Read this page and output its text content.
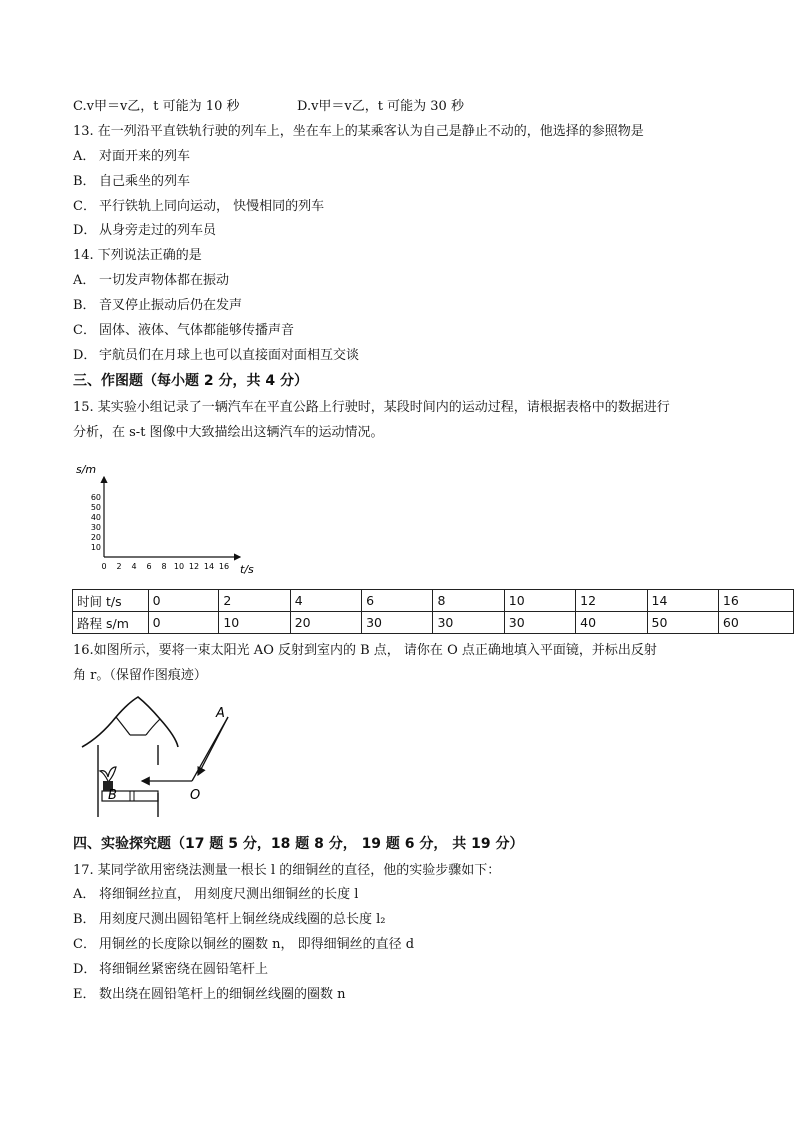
C.v甲＝v乙，t 可能为 10 秒	D.v甲＝v乙，t 可能为 30 秒
13. 在一列沿平直铁轨行驶的列车上，坐在车上的某乘客认为自己是静止不动的，他选择的参照物是
A． 对面开来的列车
B． 自己乘坐的列车
C． 平行铁轨上同向运动， 快慢相同的列车
D． 从身旁走过的列车员
14. 下列说法正确的是
A． 一切发声物体都在振动
B． 音叉停止振动后仍在发声
C． 固体、液体、气体都能够传播声音
D． 宇航员们在月球上也可以直接面对面相互交谈
三、作图题（每小题 2 分，共 4 分）
15. 某实验小组记录了一辆汽车在平直公路上行驶时，某段时间内的运动过程，请根据表格中的数据进行
分析，在 s-t 图像中大致描绘出这辆汽车的运动情况。
0 2 4 6 8 10 12 14 16
10
20
30
40
50
60
t/s
s/m
时间 t/s	0	2	4	6	8	10	12	14	16
路程 s/m	0	10	20	30	30	30	40	50	60
16.如图所示，要将一束太阳光 AO 反射到室内的 B 点， 请你在 O 点正确地填入平面镜，并标出反射
角 r。（保留作图痕迹）
B
A
O
四、实验探究题（17 题 5 分，18 题 8 分， 19 题 6 分， 共 19 分）
17. 某同学欲用密绕法测量一根长 l 的细铜丝的直径，他的实验步骤如下：
A． 将细铜丝拉直， 用刻度尺测出细铜丝的长度 l
B． 用刻度尺测出圆铅笔杆上铜丝绕成线圈的总长度 l₂
C． 用铜丝的长度除以铜丝的圈数 n， 即得细铜丝的直径 d
D． 将细铜丝紧密绕在圆铅笔杆上
E． 数出绕在圆铅笔杆上的细铜丝线圈的圈数 n
